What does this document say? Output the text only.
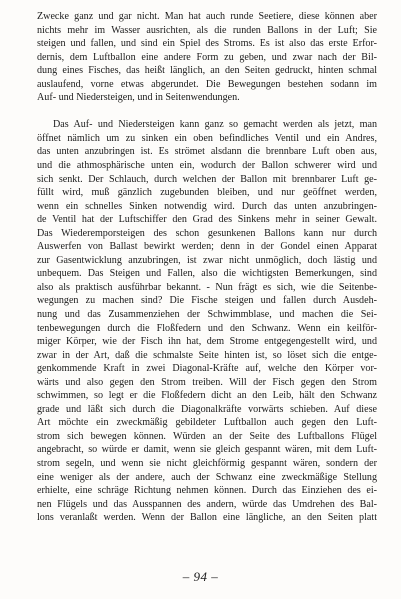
Zwecke ganz und gar nicht. Man hat auch runde Seetiere, diese können aber
nichts mehr im Wasser ausrichten, als die runden Ballons in der Luft; Sie
steigen und fallen, und sind ein Spiel des Stroms. Es ist also das erste Erfor-
dernis, dem Luftballon eine andere Form zu geben, und zwar nach der Bil-
dung eines Fisches, das heißt länglich, an den Seiten gedruckt, hinten schmal
auslaufend, vorne etwas abgerundet. Die Bewegungen bestehen sodann im
Auf- und Niedersteigen, und in Seitenwendungen.

Das Auf- und Niedersteigen kann ganz so gemacht werden als jetzt, man
öffnet nämlich um zu sinken ein oben befindliches Ventil und ein Andres,
das unten anzubringen ist. Es strömet alsdann die brennbare Luft oben aus,
und die athmosphärische unten ein, wodurch der Ballon schwerer wird und
sich senkt. Der Schlauch, durch welchen der Ballon mit brennbarer Luft ge-
füllt wird, muß gänzlich zugebunden bleiben, und nur geöffnet werden,
wenn ein schnelles Sinken notwendig wird. Durch das unten anzubringen-
de Ventil hat der Luftschiffer den Grad des Sinkens mehr in seiner Gewalt.
Das Wiederemporsteigen des schon gesunkenen Ballons kann nur durch
Auswerfen von Ballast bewirkt werden; denn in der Gondel einen Apparat
zur Gasentwicklung anzubringen, ist zwar nicht unmöglich, doch lästig und
unbequem. Das Steigen und Fallen, also die wichtigsten Bemerkungen, sind
also als praktisch ausführbar bekannt. - Nun frägt es sich, wie die Seitenbe-
wegungen zu machen sind? Die Fische steigen und fallen durch Ausdeh-
nung und das Zusammenziehen der Schwimmblase, und machen die Sei-
tenbewegungen durch die Floßfedern und den Schwanz. Wenn ein keilför-
miger Körper, wie der Fisch ihn hat, dem Strome entgegengestellt wird, und
zwar in der Art, daß die schmalste Seite hinten ist, so löset sich die entge-
genkommende Kraft in zwei Diagonal-Kräfte auf, welche den Körper vor-
wärts und also gegen den Strom treiben. Will der Fisch gegen den Strom
schwimmen, so legt er die Floßfedern dicht an den Leib, hält den Schwanz
grade und läßt sich durch die Diagonalkräfte vorwärts schieben. Auf diese
Art möchte ein zweckmäßig gebildeter Luftballon auch gegen den Luft-
strom sich bewegen können. Würden an der Seite des Luftballons Flügel
angebracht, so würde er damit, wenn sie gleich gespannt wären, mit dem Luft-
strom segeln, und wenn sie nicht gleichförmig gespannt wären, sondern der
eine weniger als der andere, auch der Schwanz eine zweckmäßige Stellung
erhielte, eine schräge Richtung nehmen können. Durch das Einziehen des ei-
nen Flügels und das Ausspannen des andern, würde das Umdrehen des Bal-
lons veranlaßt werden. Wenn der Ballon eine längliche, an den Seiten platt

– 94 –
